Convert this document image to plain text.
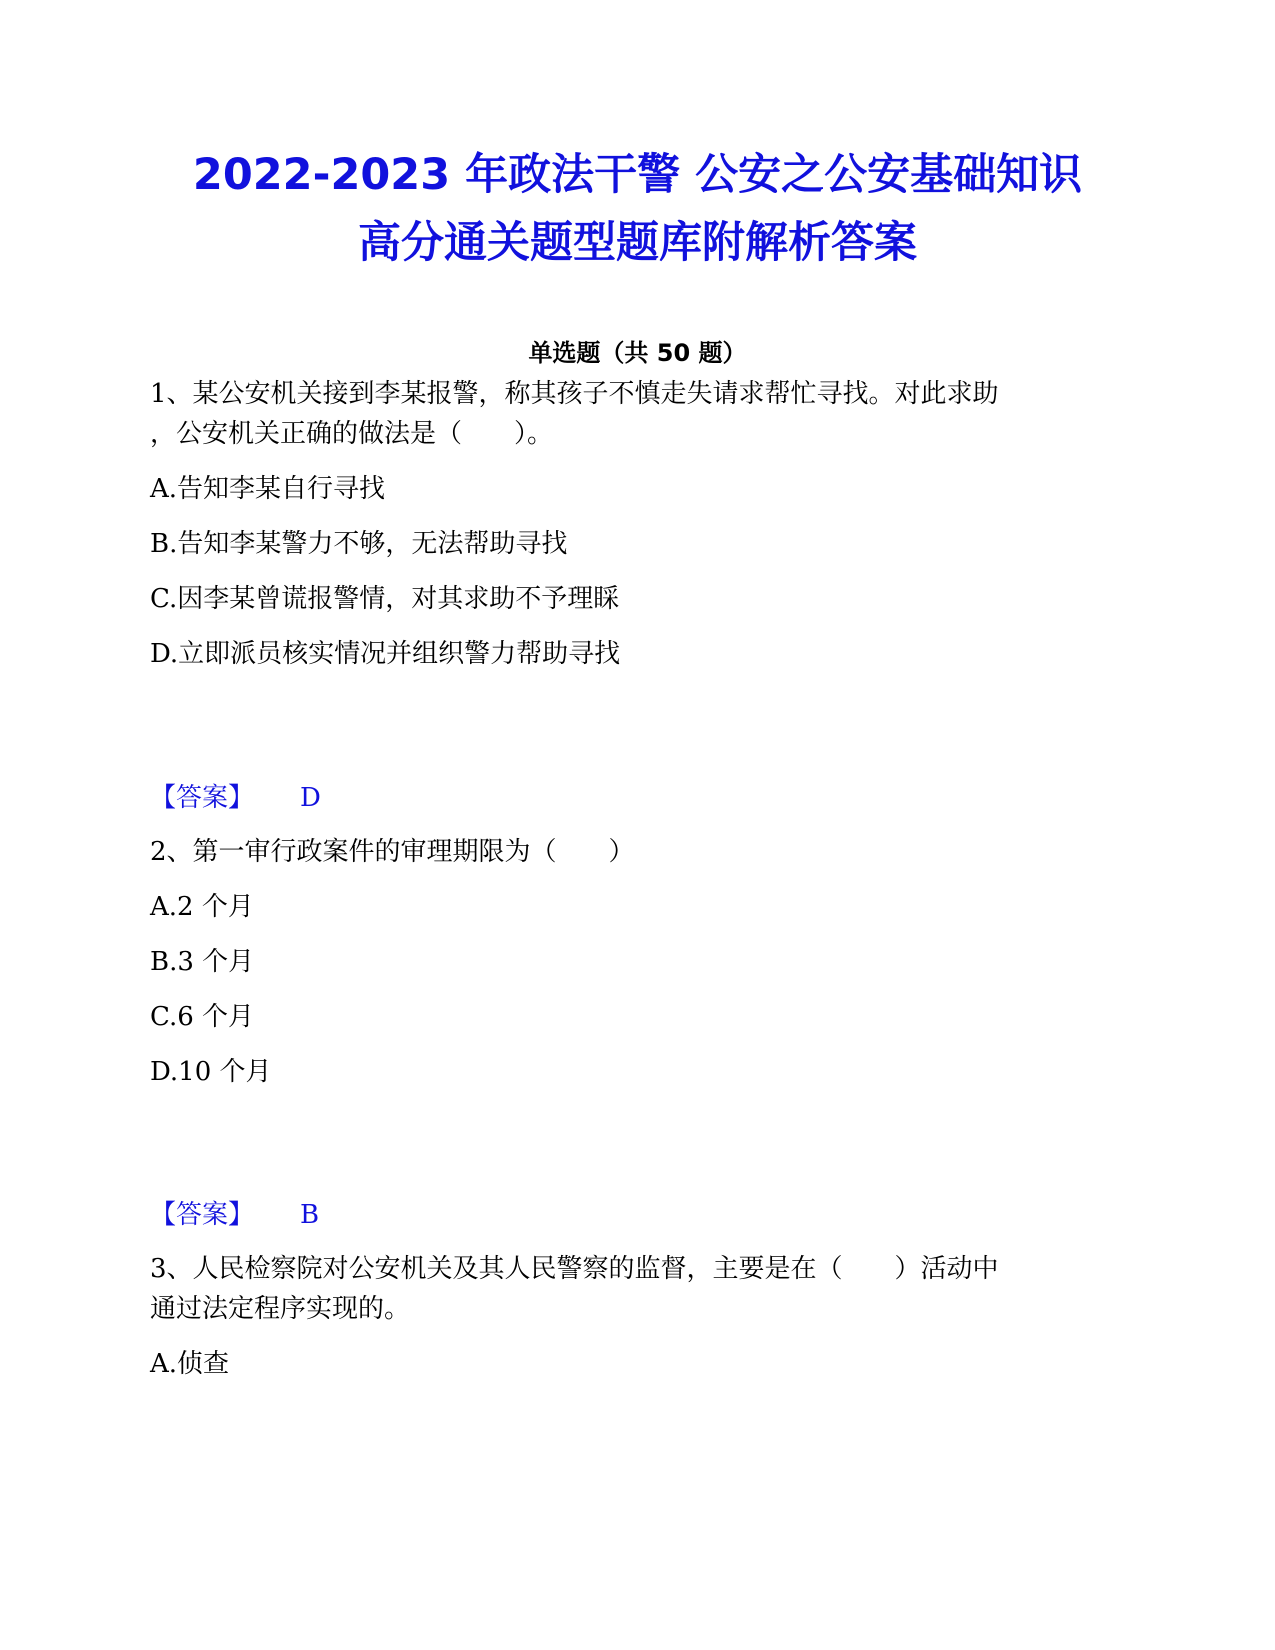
2022-2023 年政法干警 公安之公安基础知识
高分通关题型题库附解析答案
单选题（共 50 题）
1、某公安机关接到李某报警，称其孩子不慎走失请求帮忙寻找。对此求助
，公安机关正确的做法是（　　）。
A.告知李某自行寻找
B.告知李某警力不够，无法帮助寻找
C.因李某曾谎报警情，对其求助不予理睬
D.立即派员核实情况并组织警力帮助寻找
【答案】 D
2、第一审行政案件的审理期限为（　　）
A.2 个月
B.3 个月
C.6 个月
D.10 个月
【答案】 B
3、人民检察院对公安机关及其人民警察的监督，主要是在（　　）活动中
通过法定程序实现的。
A.侦查
